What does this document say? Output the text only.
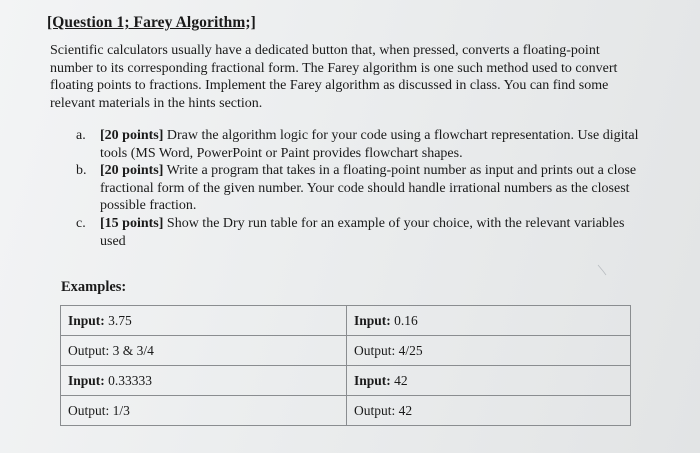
[Question 1; Farey Algorithm;]
Scientific calculators usually have a dedicated button that, when pressed, converts a floating-point number to its corresponding fractional form. The Farey algorithm is one such method used to convert floating points to fractions. Implement the Farey algorithm as discussed in class. You can find some relevant materials in the hints section.
a.	[20 points] Draw the algorithm logic for your code using a flowchart representation. Use digital tools (MS Word, PowerPoint or Paint provides flowchart shapes.
b. [20 points] Write a program that takes in a floating-point number as input and prints out a close fractional form of the given number. Your code should handle irrational numbers as the closest possible fraction.
c.	[15 points] Show the Dry run table for an example of your choice, with the relevant variables used
Examples:
Input: 3.75	Input: 0.16
Output: 3 & 3/4	Output: 4/25
Input: 0.33333	Input: 42
Output: 1/3	Output: 42
